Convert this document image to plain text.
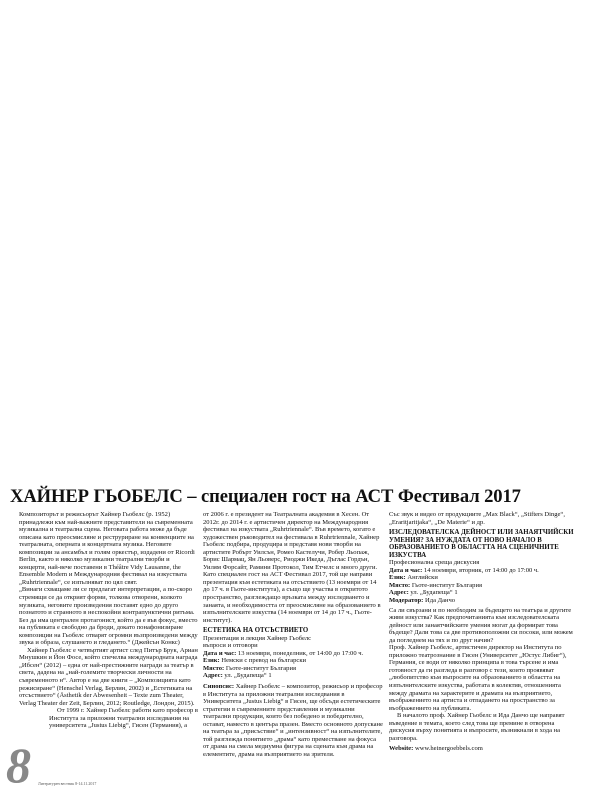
ХАЙНЕР ГЬОБЕЛС – специален гост на АСТ Фестивал 2017

Композиторът и режисьорът Хайнер Гьобелс (р. 1952) принадлежи към най-важните представители на съвременната музикална и театрална сцена. Неговата работа може да бъде описана като преосмисляне и реструриране на конвенциите на театралната, оперната и концертната музика. Неговите композиции за ансамбъл и голям оркестър, издадени от Ricordi Berlin, както и няколко музикални театрални творби и концерти, най-вече поставени в Théâtre Vidy Lausanne, the Ensemble Modern и Международния фестивал на изкуствата „Ruhrtriennale“, се изпълняват по цял свят.

„Винаги схващаме ли се предлагат интерпретации, а по-скоро стремящи се да открият форми, толкова отворени, колкото музиката, неговите произведения поставят едно до друго познатото и странното в неспокойни контрапунктични ритъма. Без да има централен протагонист, който да е във фокус, вместо на публиката е свободно да броди, докато понафонизиране композиции на Гьобелс отварят огромни възпроизведени между звука и образа, слушането и гледането.“ (Джейсън Конкс)

Хайнер Гьобелс е четвъртият артист след Питър Брук, Ариан Мнушкин и Йон Фосе, който спечелва международната награда „Ибсен“ (2012) – една от най-престижните награди за театър в света, дадена на „най-големите творчески личности на съвременното н“. Автор е на две книги – „Композицията като режисиране“ (Henschel Verlag, Берлин, 2002) и „Естетиката на отсъствието“ (Ästhetik der Abwesenheit – Texte zum Theater, Verlag Theater der Zeit, Берлин, 2012; Routledge, Лондон, 2015).

От 1999 г. Хайнер Гьобелс работи като професор в Института за приложни театрални изследвания на университета „Justus Liebig“, Гисен (Германия), а

от 2006 г. е президент на Театралната академия в Хесен. От 2012г. до 2014 г. е артистичен директор на Международния фестивал на изкуствата „Ruhrtriennale“. Във времето, когато е художествен ръководител на фестивала в Ruhrtriennale, Хайнер Гьобелс подбира, продуцира и представя нови творби на артистите Робърт Уилсън, Ромео Кастелучи, Робер Льопаж, Борис Шармац, Ян Льоверс, Риоджи Икеда, Дъглас Гордън, Уилям Форсайт, Рамини Протокол, Тим Етчелс и много други. Като специален гост на АСТ Фестивал 2017, той ще направи презентация към естетиката на отсъствието (13 ноември от 14 до 17 ч. в Гьоте-института), а също ще участва в откритото пространство, разглеждащо връзката между изследването и занаята, и необходимостта от преосмисляне на образованието в изпълнителските изкуства (14 ноември от 14 до 17 ч., Гьоте-институт).

ЕСТЕТИКА НА ОТСЪСТВИЕТО

Презентация и лекция Хайнер Гьобелс

въпроси и отговори

Дата и час: 13 ноември, понеделник, от 14:00 до 17:00 ч.

Език: Немски с превод на български

Място: Гьоте-институт България

Адрес: ул. „Будапеща“ 1

Синопсис: Хайнер Гьобелс – композитор, режисьор и професор в Института за приложни театрални изследвания в Университета „Justus Liebig“ в Гисен, ще обсъди естетическите стратегии в съвременните представления и музикални театрални продукции, които без победено и победително, остават, наместо в центъра празен. Вместо основното допускане на театъра за „присъствие“ и „интензивност“ на изпълнителите, той разглежда понятието „драма“ като преместване на фокуса от драма на смела медиумна фигура на сцената към драма на елементите, драма на възприятието на зрителя.

Със звук и видео от продукциите „Max Black“, „Stifters Dinge“, „Eraritjaritjaka“, „De Materie“ и др.

ИЗСЛЕДОВАТЕЛСКА ДЕЙНОСТ ИЛИ ЗАНАЯТЧИЙСКИ УМЕНИЯ? ЗА НУЖДАТА ОТ НОВО НАЧАЛО В ОБРАЗОВАНИЕТО В ОБЛАСТТА НА СЦЕНИЧНИТЕ ИЗКУСТВА

Професионална среща дискусия

Дата и час: 14 ноември, вторник, от 14:00 до 17:00 ч.

Език: Английски

Място: Гьоте-институт България

Адрес: ул. „Будапеща“ 1

Модератор: Ида Данчо

Са ли свързани и по необходим за бъдещето на театъра и другите живи изкуства? Как предпочитанията към изследователската дейност или занаятчийските умения могат да формират това бъдеще? Дали това са две противоположни си посоки, или можем да погледнем на тях и по друг начин?

Проф. Хайнер Гьобелс, артистичен директор на Института по приложно театрознание в Гисен (Университет „Юстус Либиг“), Германия, се води от няколко принципа в това търсене и има готовност да ги разгледа в разговор с тези, които проявяват „любопитство към въпросите на образованието в областта на изпълнителските изкуства, работата в колектив, отношенията между драмата на характерите и драмата на възприятието, въображението на артиста и отпадането на пространство за въображението на публиката.

В началото проф. Хайнер Гьобелс и Ида Данчо ще направят въведение в темата, което след това ще премине в отворена дискусия върху понятията и въпросите, възникнали в хода на разговора.

Website: www.heinergoebbels.com

8 Литературен вестник 8-14.11.2017
